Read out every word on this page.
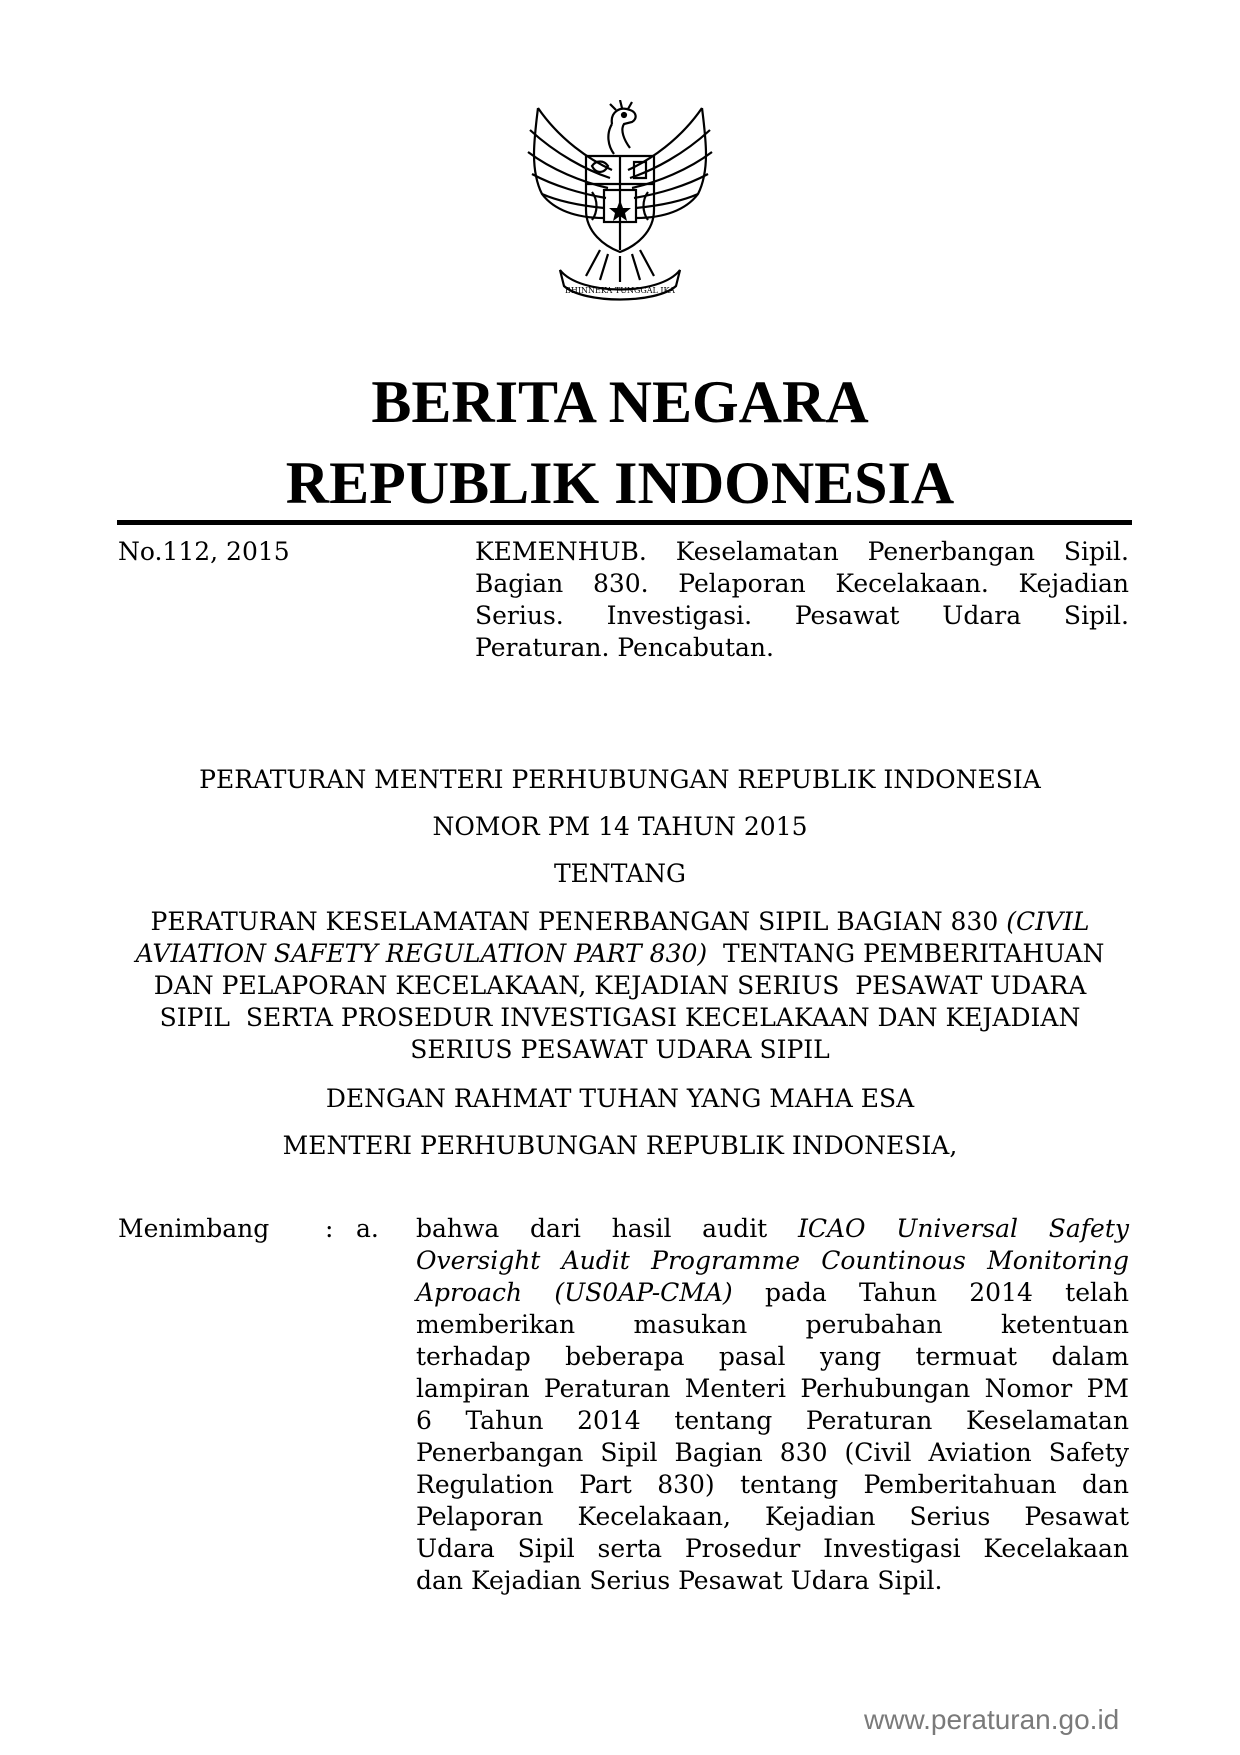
BHINNEKA TUNGGAL IKA
BERITA NEGARA
REPUBLIK INDONESIA
No.112, 2015	KEMENHUB. Keselamatan Penerbangan Sipil.
Bagian 830. Pelaporan Kecelakaan. Kejadian
Serius. Investigasi. Pesawat Udara Sipil.
Peraturan. Pencabutan.
PERATURAN MENTERI PERHUBUNGAN REPUBLIK INDONESIA
NOMOR PM 14 TAHUN 2015
TENTANG
PERATURAN KESELAMATAN PENERBANGAN SIPIL BAGIAN 830 (CIVIL
AVIATION SAFETY REGULATION PART 830)  TENTANG PEMBERITAHUAN
DAN PELAPORAN KECELAKAAN, KEJADIAN SERIUS  PESAWAT UDARA
SIPIL  SERTA PROSEDUR INVESTIGASI KECELAKAAN DAN KEJADIAN
SERIUS PESAWAT UDARA SIPIL
DENGAN RAHMAT TUHAN YANG MAHA ESA
MENTERI PERHUBUNGAN REPUBLIK INDONESIA,
Menimbang : a. bahwa dari hasil audit ICAO Universal Safety
Oversight Audit Programme Countinous Monitoring
Aproach (US0AP-CMA) pada Tahun 2014 telah
memberikan masukan perubahan ketentuan
terhadap beberapa pasal yang termuat dalam
lampiran Peraturan Menteri Perhubungan Nomor PM
6 Tahun 2014 tentang Peraturan Keselamatan
Penerbangan Sipil Bagian 830 (Civil Aviation Safety
Regulation Part 830) tentang Pemberitahuan dan
Pelaporan Kecelakaan, Kejadian Serius Pesawat
Udara Sipil serta Prosedur Investigasi Kecelakaan
dan Kejadian Serius Pesawat Udara Sipil.
www.peraturan.go.id
